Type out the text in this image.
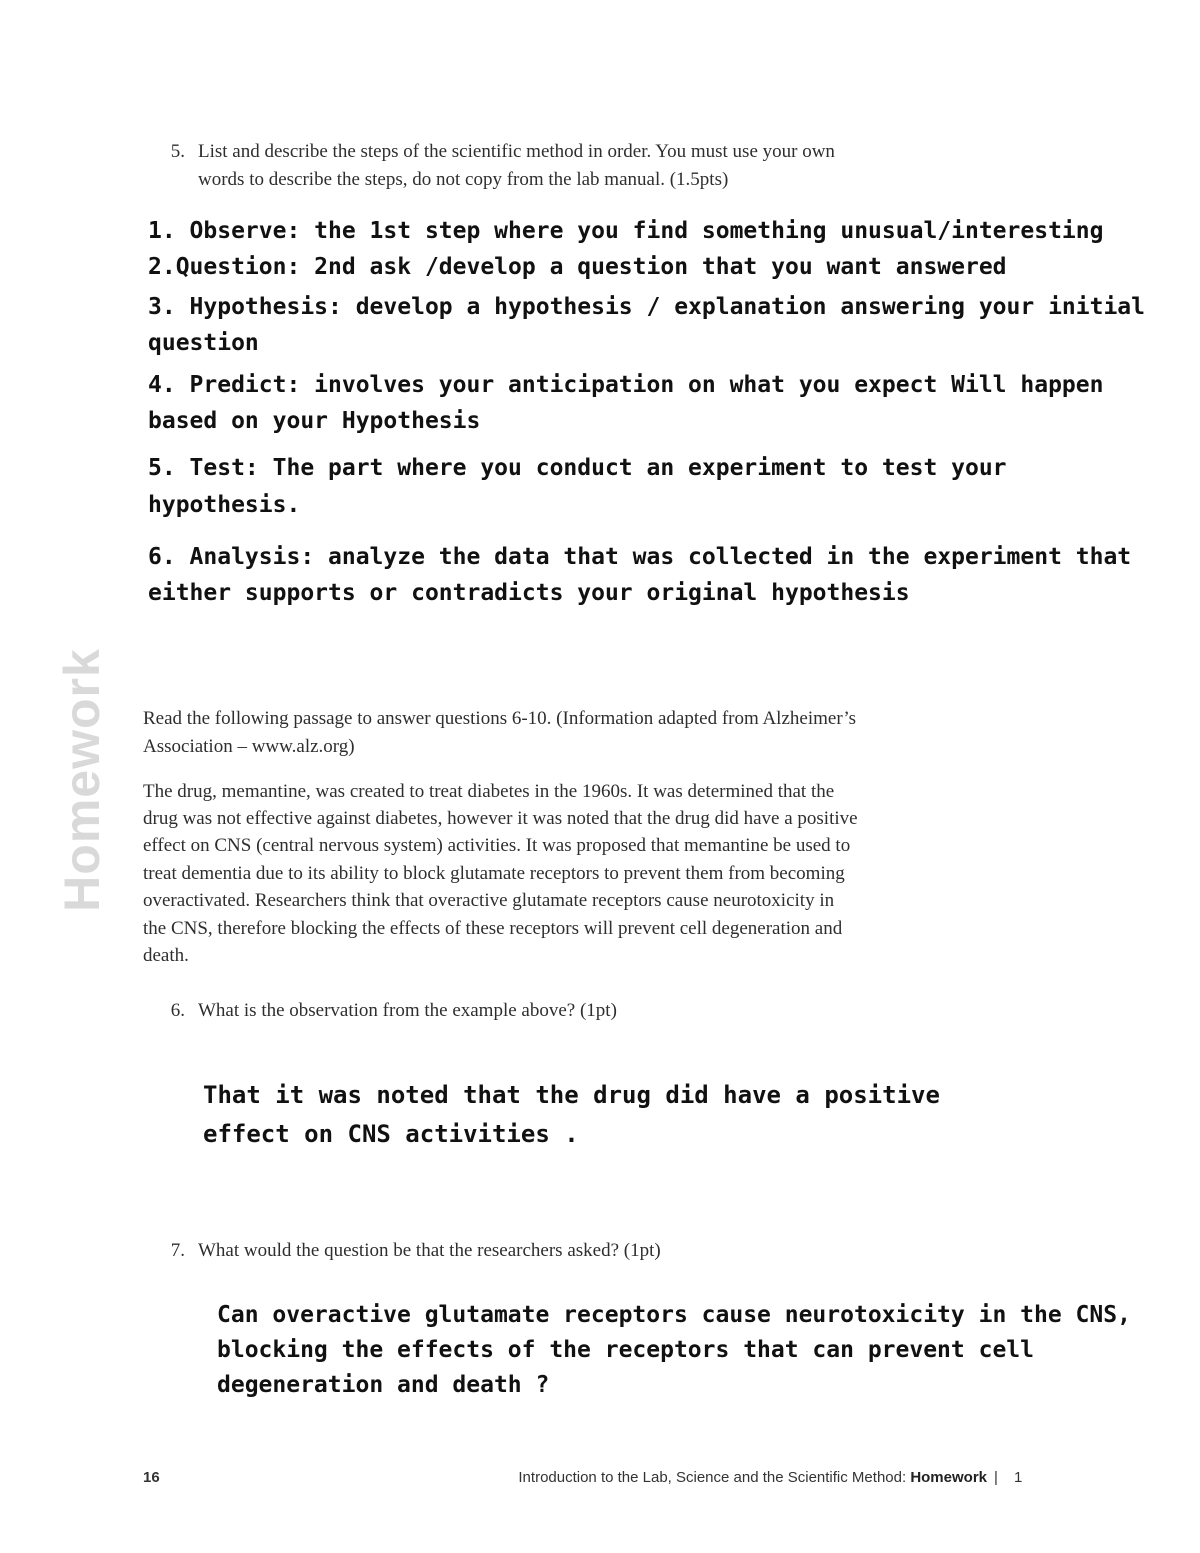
Homework
5. List and describe the steps of the scientific method in order. You must use your own
words to describe the steps, do not copy from the lab manual. (1.5pts)
1. Observe: the 1st step where you find something unusual/interesting
2.Question: 2nd ask /develop a question that you want answered
3. Hypothesis: develop a hypothesis / explanation answering your initial
question
4. Predict: involves your anticipation on what you expect Will happen
based on your Hypothesis
5. Test: The part where you conduct an experiment to test your
hypothesis.
6. Analysis: analyze the data that was collected in the experiment that
either supports or contradicts your original hypothesis
Read the following passage to answer questions 6-10. (Information adapted from Alzheimer’s
Association – www.alz.org)
The drug, memantine, was created to treat diabetes in the 1960s. It was determined that the
drug was not effective against diabetes, however it was noted that the drug did have a positive
effect on CNS (central nervous system) activities. It was proposed that memantine be used to
treat dementia due to its ability to block glutamate receptors to prevent them from becoming
overactivated. Researchers think that overactive glutamate receptors cause neurotoxicity in
the CNS, therefore blocking the effects of these receptors will prevent cell degeneration and
death.
6. What is the observation from the example above? (1pt)
That it was noted that the drug did have a positive
effect on CNS activities .
7. What would the question be that the researchers asked? (1pt)
Can overactive glutamate receptors cause neurotoxicity in the CNS,
blocking the effects of the receptors that can prevent cell
degeneration and death ?
16	Introduction to the Lab, Science and the Scientific Method: Homework | 1
